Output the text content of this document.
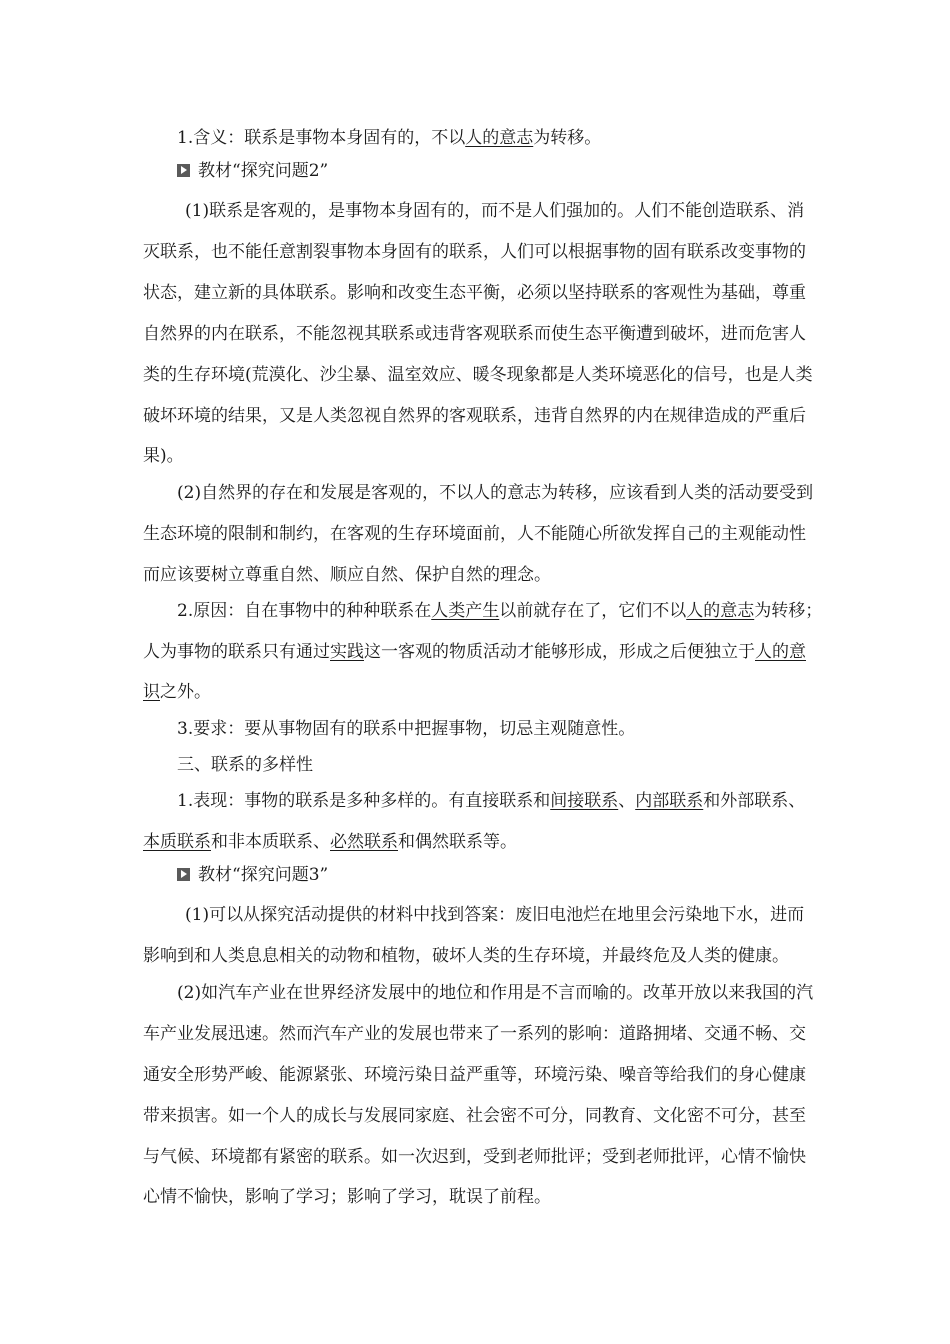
1.含义：联系是事物本身固有的，不以人的意志为转移。
教材“探究问题2”
(1)联系是客观的，是事物本身固有的，而不是人们强加的。人们不能创造联系、消
灭联系，也不能任意割裂事物本身固有的联系，人们可以根据事物的固有联系改变事物的
状态，建立新的具体联系。影响和改变生态平衡，必须以坚持联系的客观性为基础，尊重
自然界的内在联系，不能忽视其联系或违背客观联系而使生态平衡遭到破坏，进而危害人
类的生存环境(荒漠化、沙尘暴、温室效应、暖冬现象都是人类环境恶化的信号，也是人类
破坏环境的结果，又是人类忽视自然界的客观联系，违背自然界的内在规律造成的严重后
果)。
(2)自然界的存在和发展是客观的，不以人的意志为转移，应该看到人类的活动要受到
生态环境的限制和制约，在客观的生存环境面前，人不能随心所欲发挥自己的主观能动性
而应该要树立尊重自然、顺应自然、保护自然的理念。
2.原因：自在事物中的种种联系在人类产生以前就存在了，它们不以人的意志为转移；
人为事物的联系只有通过实践这一客观的物质活动才能够形成，形成之后便独立于人的意
识之外。
3.要求：要从事物固有的联系中把握事物，切忌主观随意性。
三、联系的多样性
1.表现：事物的联系是多种多样的。有直接联系和间接联系、内部联系和外部联系、
本质联系和非本质联系、必然联系和偶然联系等。
教材“探究问题3”
(1)可以从探究活动提供的材料中找到答案：废旧电池烂在地里会污染地下水，进而
影响到和人类息息相关的动物和植物，破坏人类的生存环境，并最终危及人类的健康。
(2)如汽车产业在世界经济发展中的地位和作用是不言而喻的。改革开放以来我国的汽
车产业发展迅速。然而汽车产业的发展也带来了一系列的影响：道路拥堵、交通不畅、交
通安全形势严峻、能源紧张、环境污染日益严重等，环境污染、噪音等给我们的身心健康
带来损害。如一个人的成长与发展同家庭、社会密不可分，同教育、文化密不可分，甚至
与气候、环境都有紧密的联系。如一次迟到，受到老师批评；受到老师批评，心情不愉快
心情不愉快，影响了学习；影响了学习，耽误了前程。
